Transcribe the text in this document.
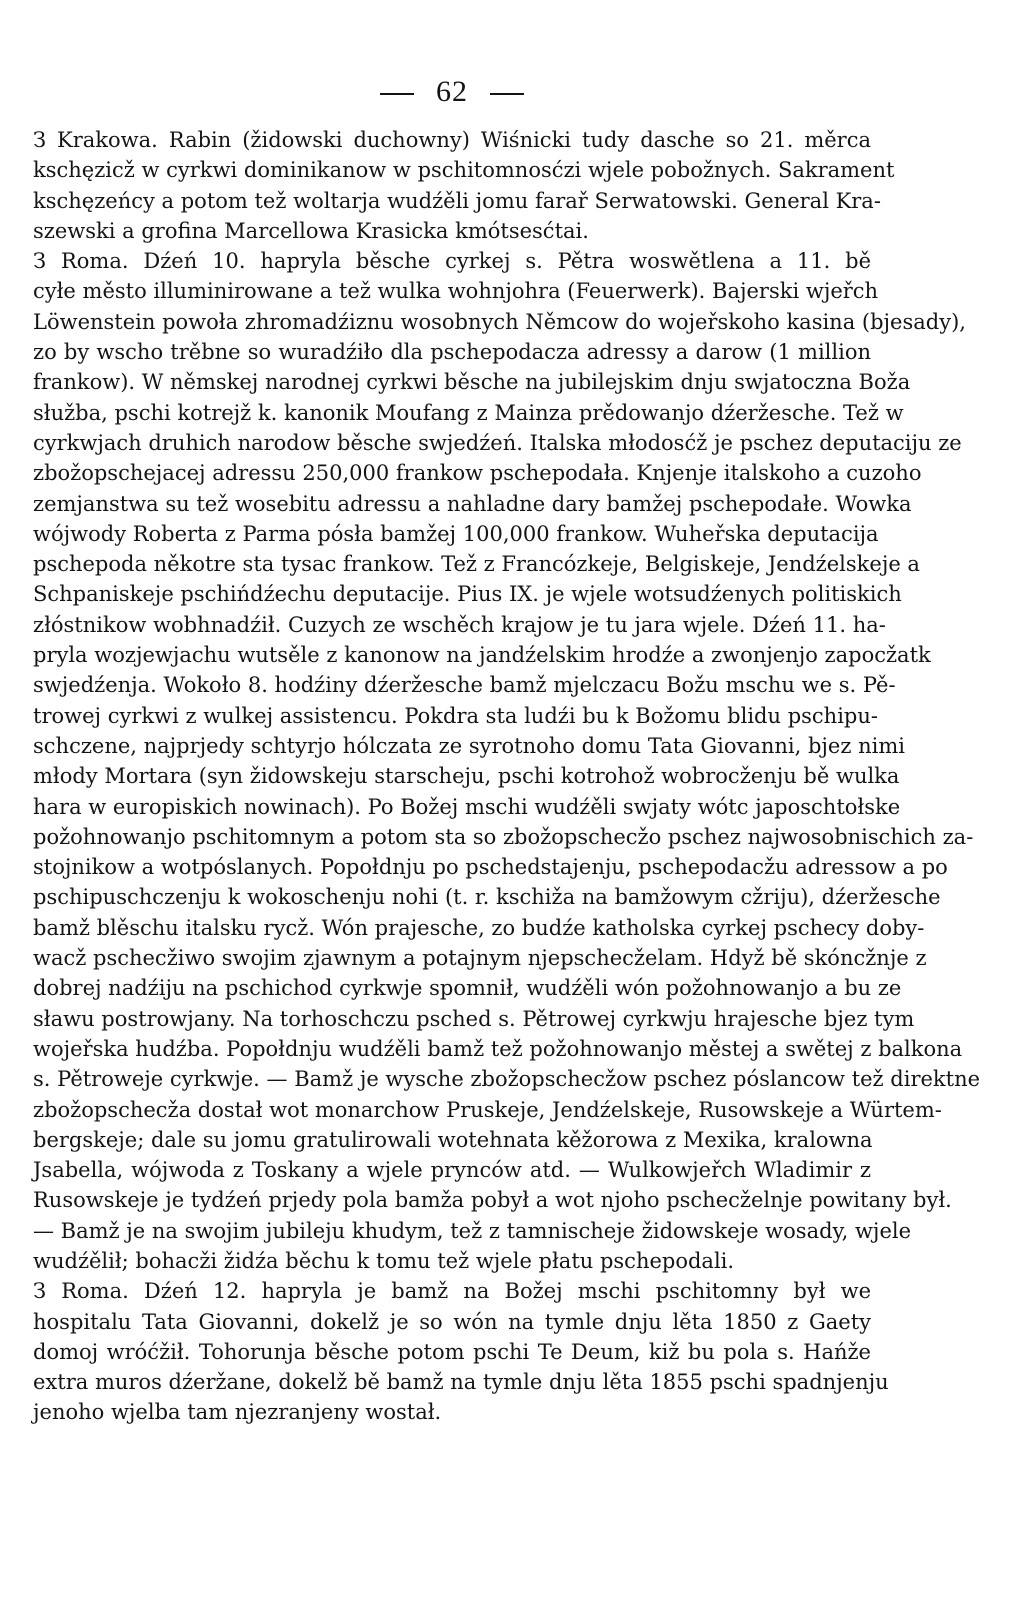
62
З Krakowa. Rabin (židowski duchowny) Wiśnicki tudy dasche so 21. měrca
kschęzicž w cyrkwi dominikanow w pschitomnosćzi wjele pobožnych. Sakrament
kschęzeńcy a potom tež woltarja wudźěli jomu farař Serwatowski. General Kra-
szewski a grofina Marcellowa Krasicka kmótsesćtai.
З Roma. Dźeń 10. hapryla běsche cyrkej s. Pětra woswětlena a 11. bě
cyłe město illuminirowane a tež wulka wohnjohra (Feuerwerk). Bajerski wjeřch
Löwenstein powoła zhromadźiznu wosobnych Němcow do wojeřskoho kasina (bjesady),
zo by wscho trěbne so wuradźiło dla pschepodacza adressy a darow (1 million
frankow). W němskej narodnej cyrkwi běsche na jubilejskim dnju swjatoczna Boža
słužba, pschi kotrejž k. kanonik Moufang z Mainza prědowanjo dźeržesche. Tež w
cyrkwjach druhich narodow běsche swjedźeń. Italska młodosćž je pschez deputaciju ze
zbožopschejacej adressu 250,000 frankow pschepodała. Knjenje italskoho a cuzoho
zemjanstwa su tež wosebitu adressu a nahladne dary bamžej pschepodałe. Wowka
wójwody Roberta z Parma pósła bamžej 100,000 frankow. Wuheřska deputacija
pschepoda někotre sta tysac frankow. Tež z Francózkeje, Belgiskeje, Jendźelskeje a
Schpaniskeje pschińdźechu deputacije. Pius IX. je wjele wotsudźenych politiskich
złóstnikow wobhnadźił. Cuzych ze wschěch krajow je tu jara wjele. Dźeń 11. ha-
pryla wozjewjachu wutsěle z kanonow na jandźelskim hrodźe a zwonjenjo zapocžatk
swjedźenja. Wokoło 8. hodźiny dźeržesche bamž mjelczacu Božu mschu we s. Pě-
trowej cyrkwi z wulkej assistencu. Pokdra sta ludźi bu k Božomu blidu pschipu-
schczene, najprjedy schtyrjo hólczata ze syrotnoho domu Tata Giovanni, bjez nimi
młody Mortara (syn židowskeju starscheju, pschi kotrohož wobrocženju bě wulka
hara w europiskich nowinach). Po Božej mschi wudźěli swjaty wótc japoschtołske
požohnowanjo pschitomnym a potom sta so zbožopschecžo pschez najwosobnischich za-
stojnikow a wotpóslanych. Popołdnju po pschedstajenju, pschepodacžu adressow a po
pschipuschczenju k wokoschenju nohi (t. r. kschiža na bamžowym cžriju), dźeržesche
bamž blěschu italsku rycž. Wón prajesche, zo budźe katholska cyrkej pschecy doby-
wacž pschecžiwo swojim zjawnym a potajnym njepschecželam. Hdyž bě skóncžnje z
dobrej nadźiju na pschichod cyrkwje spomnił, wudźěli wón požohnowanjo a bu ze
sławu postrowjany. Na torhoschczu psched s. Pětrowej cyrkwju hrajesche bjez tym
wojeřska hudźba. Popołdnju wudźěli bamž tež požohnowanjo městej a swětej z balkona
s. Pětroweje cyrkwje. — Bamž je wysche zbožopschecžow pschez póslancow tež direktne
zbožopschecža dostał wot monarchow Pruskeje, Jendźelskeje, Rusowskeje a Würtem-
bergskeje; dale su jomu gratulirowali wotehnata kěžorowa z Mexika, kralowna
Jsabella, wójwoda z Toskany a wjele prynców atd. — Wulkowjeřch Wladimir z
Rusowskeje je tydźeń prjedy pola bamža pobył a wot njoho pschecželnje powitany był.
— Bamž je na swojim jubileju khudym, tež z tamnischeje židowskeje wosady, wjele
wudźělił; bohacži židźa běchu k tomu tež wjele płatu pschepodali.
З Roma. Dźeń 12. hapryla je bamž na Božej mschi pschitomny był we
hospitalu Tata Giovanni, dokelž je so wón na tymle dnju lěta 1850 z Gaety
domoj wróćžił. Tohorunja běsche potom pschi Te Deum, kiž bu pola s. Hańže
extra muros dźeržane, dokelž bě bamž na tymle dnju lěta 1855 pschi spadnjenju
jenoho wjelba tam njezranjeny wostał.
